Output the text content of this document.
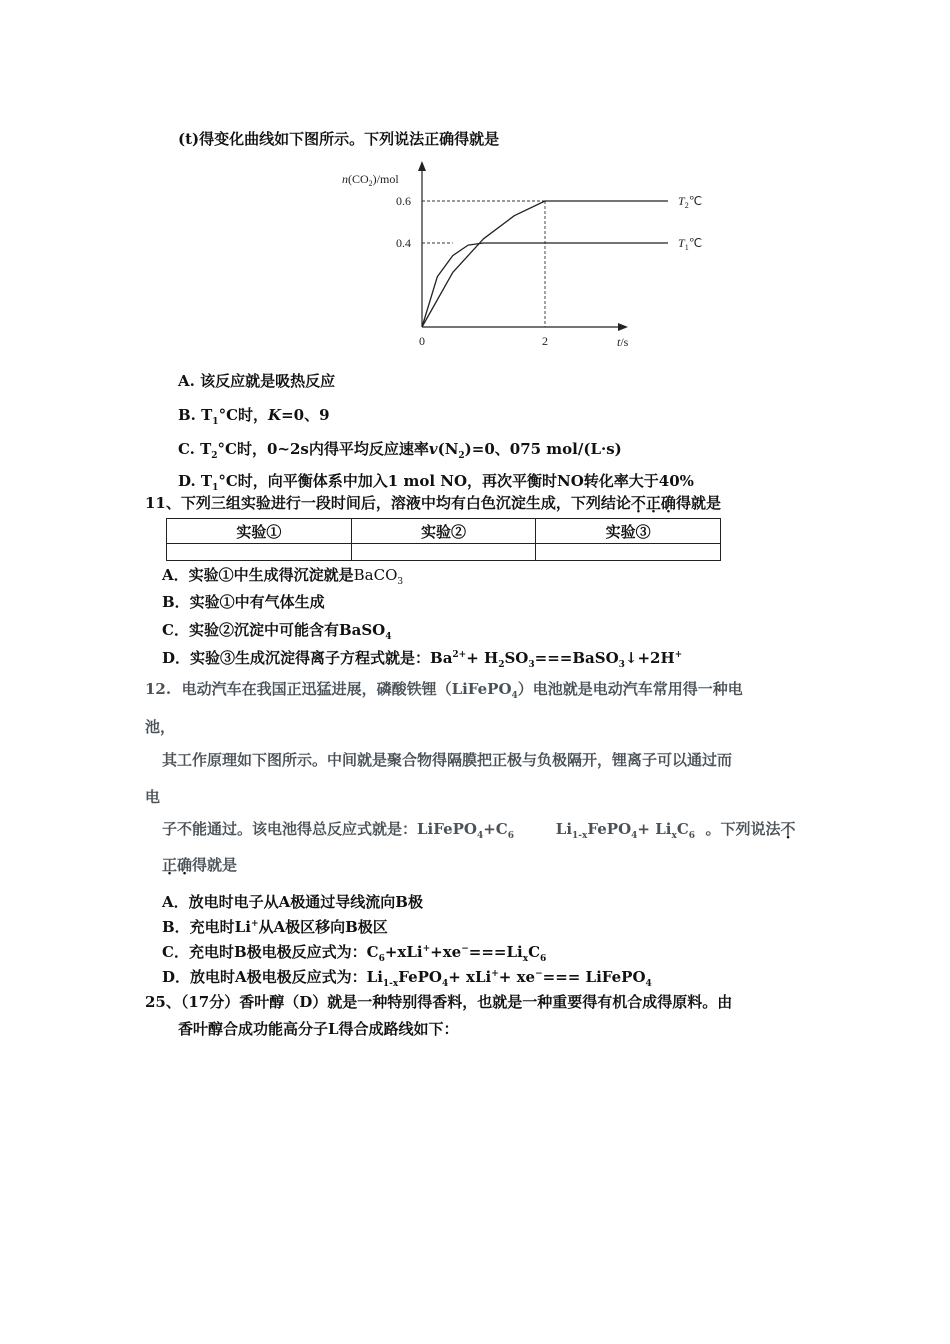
(t)得变化曲线如下图所示。下列说法正确得就是
0.6
0.4
0	2
$n(CO_2)$/mol
t/s
$T_2℃$
$T_1℃$
A. 该反应就是吸热反应
B. $T_1^\circ C$时，K=0、9
C. $T_2^\circ C$时，0~2s内得平均反应速率$v(N_2)=0$、075 mol/(L·s)
D. $T_1^\circ C$时，向平衡体系中加入1 mol NO，再次平衡时NO转化率大于40%
11、下列三组实验进行一段时间后，溶液中均有白色沉淀生成，下列结论不正确得就是
实验①	实验②	实验③

A．实验①中生成得沉淀就是BaCO$_3$
B．实验①中有气体生成
C．实验②沉淀中可能含有BaSO$_4$
D．实验③生成沉淀得离子方程式就是：$Ba^{2+}+$ $H_2SO_3===BaSO_3↓+2H^+$
12. 电动汽车在我国正迅猛进展，磷酸铁锂（LiFePO$_4$）电池就是电动汽车常用得一种电
池，
其工作原理如下图所示。中间就是聚合物得隔膜把正极与负极隔开，锂离子可以通过而
电
子不能通过。该电池得总反应式就是：$LiFePO_4+C_6$	$Li_{1-x}FePO_4+ Li_xC_6$ 。下列说法不
正确得就是
A．放电时电子从A极通过导线流向B极
B．充电时Li+从A极区移向B极区
C．充电时B极电极反应式为：$C_6+xLi^++xe^-===Li_xC_6$
D．放电时A极电极反应式为：$Li_{1-x}FePO_4+ xLi^++ xe^-===$ LiFePO$_4$
25、（17分）香叶醇（D）就是一种特别得香料，也就是一种重要得有机合成得原料。由
香叶醇合成功能高分子L得合成路线如下：
